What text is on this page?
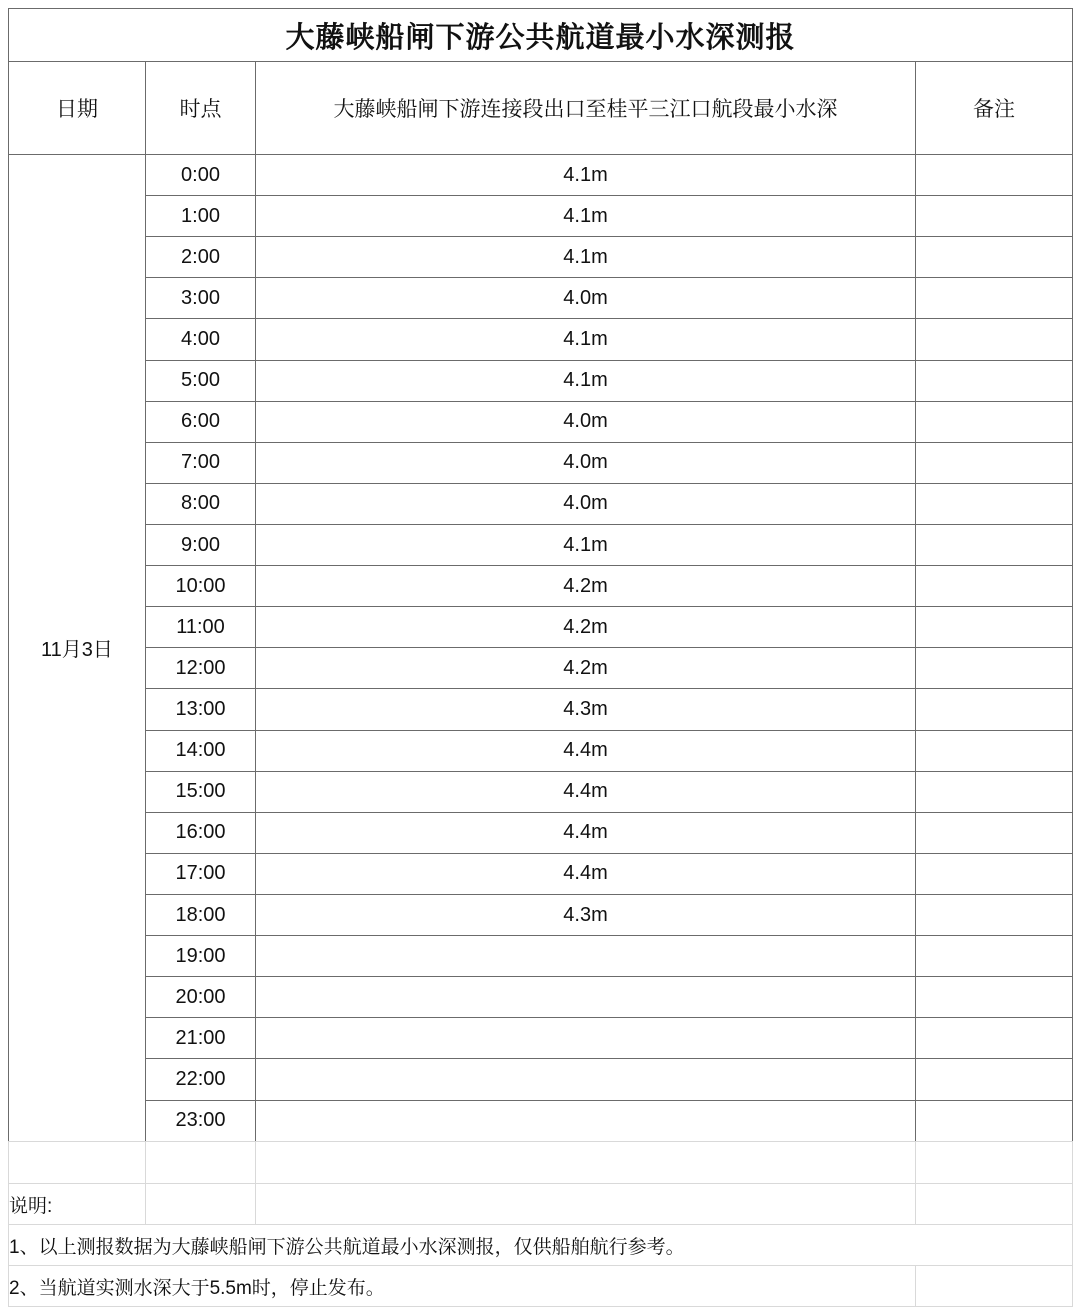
大藤峡船闸下游公共航道最小水深测报			
日期	时点	大藤峡船闸下游连接段出口至桂平三江口航段最小水深	备注
11月3日	0:00	4.1m	
	1:00	4.1m	
	2:00	4.1m	
	3:00	4.0m	
	4:00	4.1m	
	5:00	4.1m	
	6:00	4.0m	
	7:00	4.0m	
	8:00	4.0m	
	9:00	4.1m	
	10:00	4.2m	
	11:00	4.2m	
	12:00	4.2m	
	13:00	4.3m	
	14:00	4.4m	
	15:00	4.4m	
	16:00	4.4m	
	17:00	4.4m	
	18:00	4.3m	
	19:00		
	20:00		
	21:00		
	22:00		
	23:00		

说明:			
1、以上测报数据为大藤峡船闸下游公共航道最小水深测报，仅供船舶航行参考。			
2、当航道实测水深大于5.5m时，停止发布。			
